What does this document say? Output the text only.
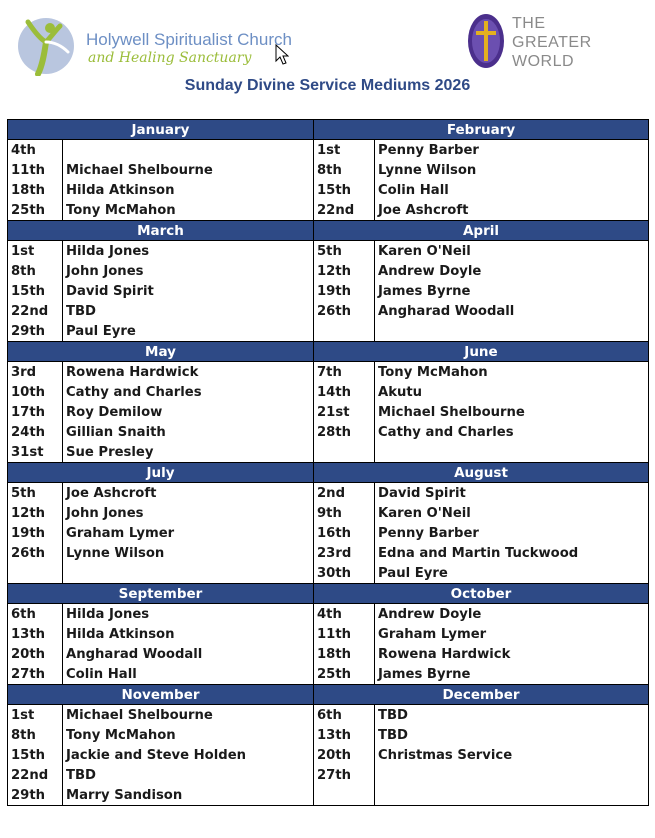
Holywell Spiritualist Church
and Healing Sanctuary
THE
GREATER
WORLD
Sunday Divine Service Mediums 2026
January		February	
4th		1st	Penny Barber
11th	Michael Shelbourne	8th	Lynne Wilson
18th	Hilda Atkinson	15th	Colin Hall
25th	Tony McMahon	22nd	Joe Ashcroft
March		April	
1st	Hilda Jones	5th	Karen O'Neil
8th	John Jones	12th	Andrew Doyle
15th	David Spirit	19th	James Byrne
22nd	TBD	26th	Angharad Woodall
29th	Paul Eyre		
May		June	
3rd	Rowena Hardwick	7th	Tony McMahon
10th	Cathy and Charles	14th	Akutu
17th	Roy Demilow	21st	Michael Shelbourne
24th	Gillian Snaith	28th	Cathy and Charles
31st	Sue Presley		
July		August	
5th	Joe Ashcroft	2nd	David Spirit
12th	John Jones	9th	Karen O'Neil
19th	Graham Lymer	16th	Penny Barber
26th	Lynne Wilson	23rd	Edna and Martin Tuckwood
		30th	Paul Eyre
September		October	
6th	Hilda Jones	4th	Andrew Doyle
13th	Hilda Atkinson	11th	Graham Lymer
20th	Angharad Woodall	18th	Rowena Hardwick
27th	Colin Hall	25th	James Byrne
November		December	
1st	Michael Shelbourne	6th	TBD
8th	Tony McMahon	13th	TBD
15th	Jackie and Steve Holden	20th	Christmas Service
22nd	TBD	27th	
29th	Marry Sandison		
